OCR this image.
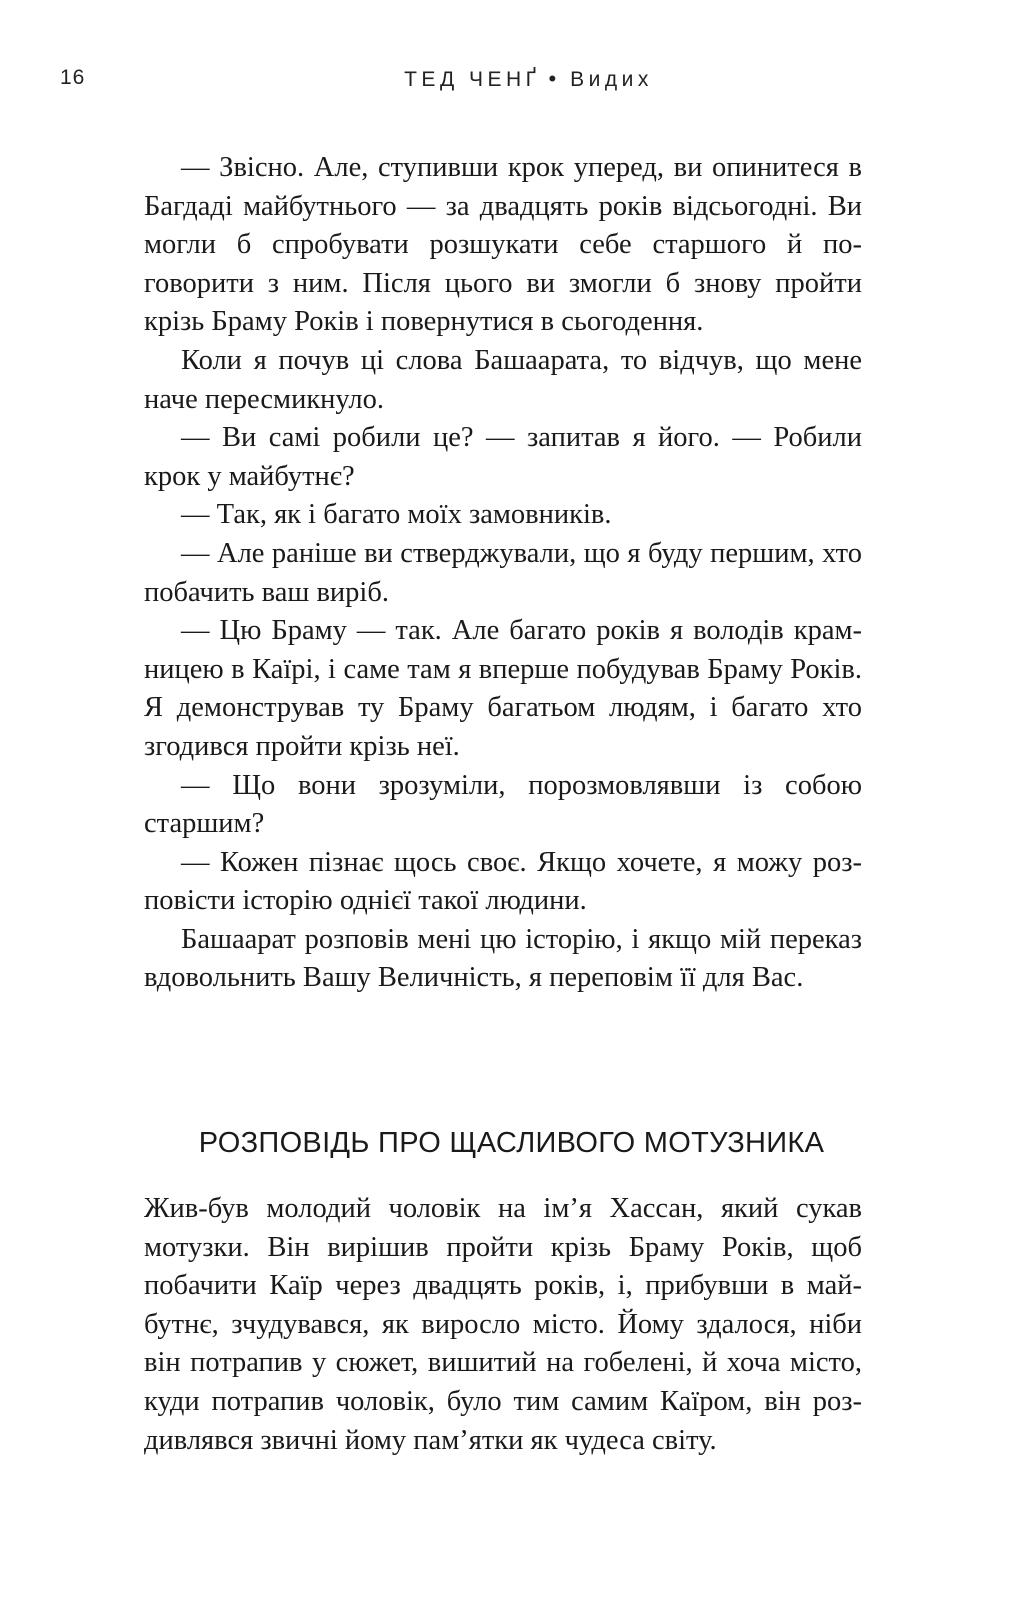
16	ТЕД ЧЕНҐ • Видих

— Звісно. Але, ступивши крок уперед, ви опинитеся в Багдаді майбутнього — за двадцять років відсьогодні. Ви могли б спробувати розшукати себе старшого й поговорити з ним. Після цього ви змогли б знову пройти крізь Браму Років і повернутися в сьогодення.

Коли я почув ці слова Башаарата, то відчув, що мене наче пересмикнуло.

— Ви самі робили це? — запитав я його. — Робили крок у майбутнє?

— Так, як і багато моїх замовників.

— Але раніше ви стверджували, що я буду першим, хто побачить ваш виріб.

— Цю Браму — так. Але багато років я володів крамницею в Каїрі, і саме там я вперше побудував Браму Років. Я демонстрував ту Браму багатьом людям, і багато хто згодився пройти крізь неї.

— Що вони зрозуміли, порозмовлявши із собою старшим?

— Кожен пізнає щось своє. Якщо хочете, я можу розповісти історію однієї такої людини.

Башаарат розповів мені цю історію, і якщо мій переказ вдовольнить Вашу Величність, я переповім її для Вас.

РОЗПОВІДЬ ПРО ЩАСЛИВОГО МОТУЗНИКА

Жив-був молодий чоловік на ім’я Хассан, який сукав мотузки. Він вирішив пройти крізь Браму Років, щоб побачити Каїр через двадцять років, і, прибувши в майбутнє, зчудувався, як виросло місто. Йому здалося, ніби він потрапив у сюжет, вишитий на гобелені, й хоча місто, куди потрапив чоловік, було тим самим Каїром, він роздивлявся звичні йому пам’ятки як чудеса світу.
